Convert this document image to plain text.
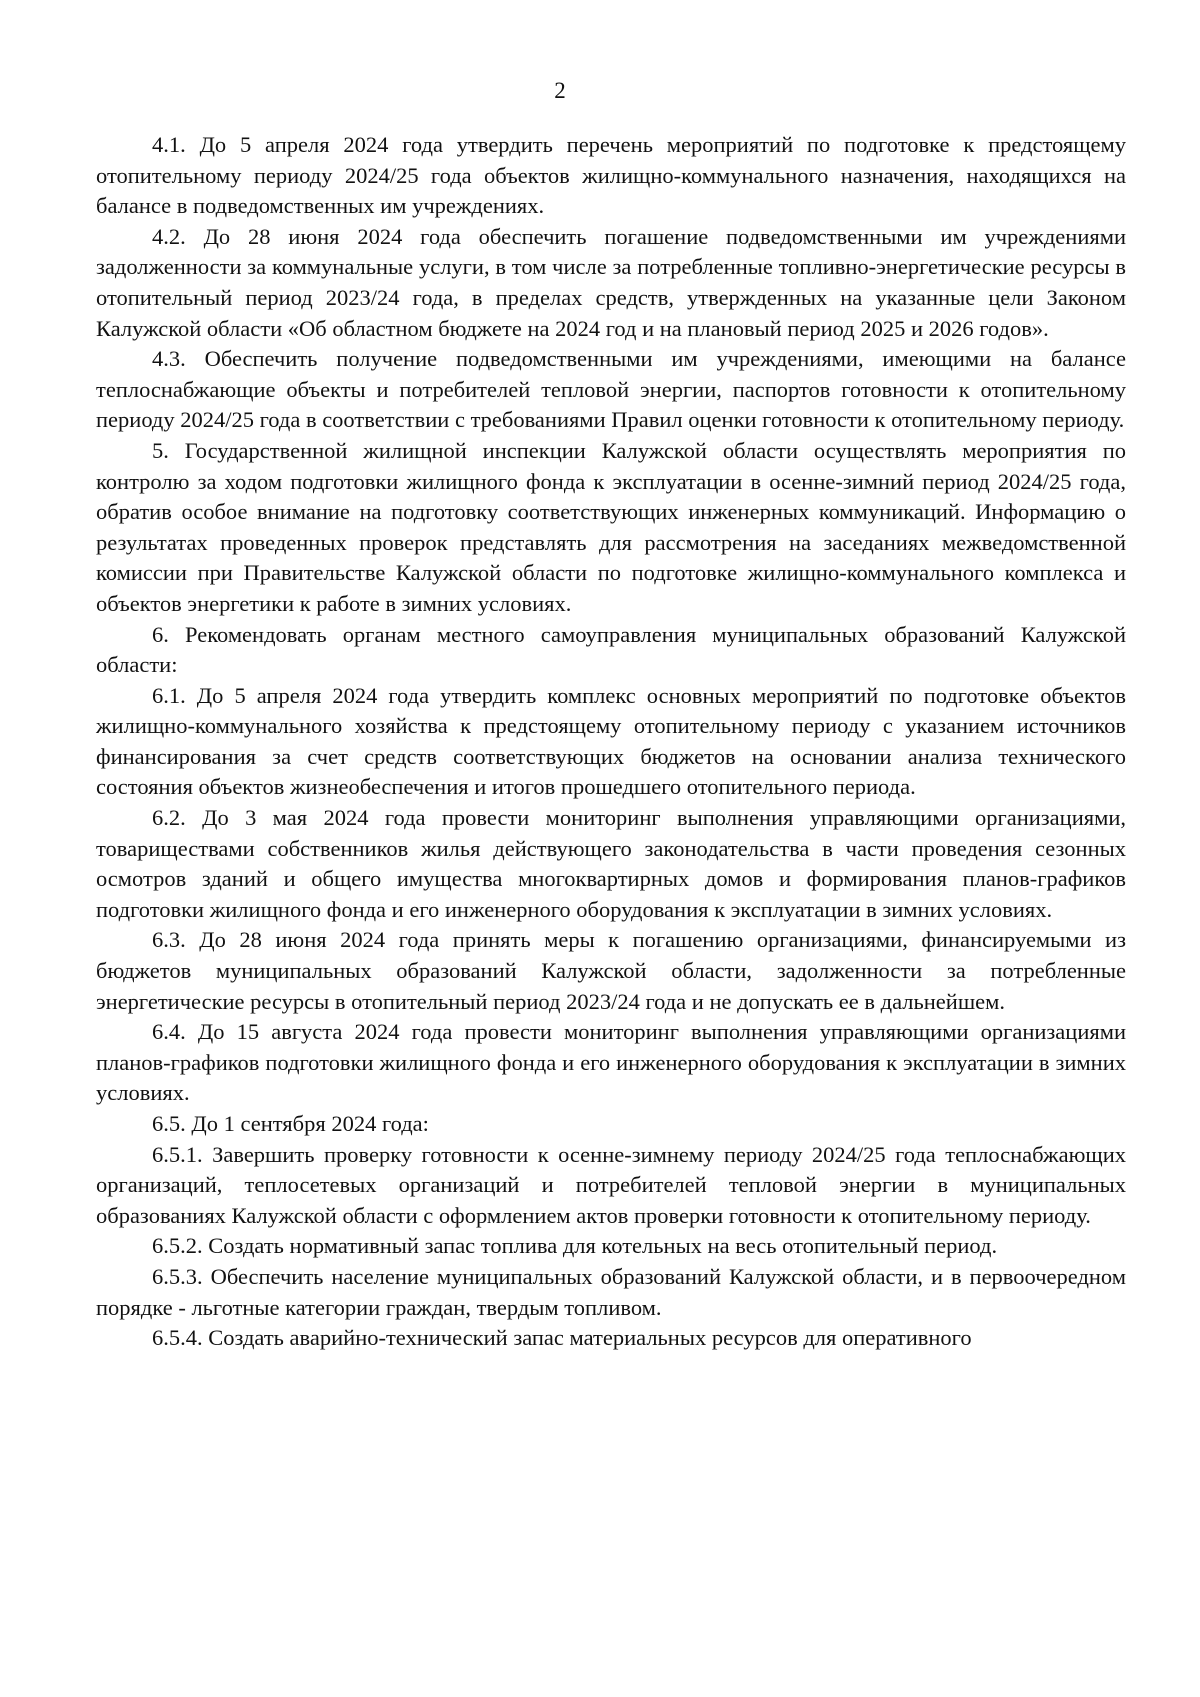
2

4.1. До 5 апреля 2024 года утвердить перечень мероприятий по подготовке к предстоящему отопительному периоду 2024/25 года объектов жилищно-коммунального назначения, находящихся на балансе в подведомственных им учреждениях.

4.2. До 28 июня 2024 года обеспечить погашение подведомственными им учреждениями задолженности за коммунальные услуги, в том числе за потребленные топливно-энергетические ресурсы в отопительный период 2023/24 года, в пределах средств, утвержденных на указанные цели Законом Калужской области «Об областном бюджете на 2024 год и на плановый период 2025 и 2026 годов».

4.3. Обеспечить получение подведомственными им учреждениями, имеющими на балансе теплоснабжающие объекты и потребителей тепловой энергии, паспортов готовности к отопительному периоду 2024/25 года в соответствии с требованиями Правил оценки готовности к отопительному периоду.

5. Государственной жилищной инспекции Калужской области осуществлять мероприятия по контролю за ходом подготовки жилищного фонда к эксплуатации в осенне-зимний период 2024/25 года, обратив особое внимание на подготовку соответствующих инженерных коммуникаций. Информацию о результатах проведенных проверок представлять для рассмотрения на заседаниях межведомственной комиссии при Правительстве Калужской области по подготовке жилищно-коммунального комплекса и объектов энергетики к работе в зимних условиях.

6. Рекомендовать органам местного самоуправления муниципальных образований Калужской области:

6.1. До 5 апреля 2024 года утвердить комплекс основных мероприятий по подготовке объектов жилищно-коммунального хозяйства к предстоящему отопительному периоду с указанием источников финансирования за счет средств соответствующих бюджетов на основании анализа технического состояния объектов жизнеобеспечения и итогов прошедшего отопительного периода.

6.2. До 3 мая 2024 года провести мониторинг выполнения управляющими организациями, товариществами собственников жилья действующего законодательства в части проведения сезонных осмотров зданий и общего имущества многоквартирных домов и формирования планов-графиков подготовки жилищного фонда и его инженерного оборудования к эксплуатации в зимних условиях.

6.3. До 28 июня 2024 года принять меры к погашению организациями, финансируемыми из бюджетов муниципальных образований Калужской области, задолженности за потребленные энергетические ресурсы в отопительный период 2023/24 года и не допускать ее в дальнейшем.

6.4. До 15 августа 2024 года провести мониторинг выполнения управляющими организациями планов-графиков подготовки жилищного фонда и его инженерного оборудования к эксплуатации в зимних условиях.

6.5. До 1 сентября 2024 года:

6.5.1. Завершить проверку готовности к осенне-зимнему периоду 2024/25 года теплоснабжающих организаций, теплосетевых организаций и потребителей тепловой энергии в муниципальных образованиях Калужской области с оформлением актов проверки готовности к отопительному периоду.

6.5.2. Создать нормативный запас топлива для котельных на весь отопительный период.

6.5.3. Обеспечить население муниципальных образований Калужской области, и в первоочередном порядке - льготные категории граждан, твердым топливом.

6.5.4. Создать аварийно-технический запас материальных ресурсов для оперативного
